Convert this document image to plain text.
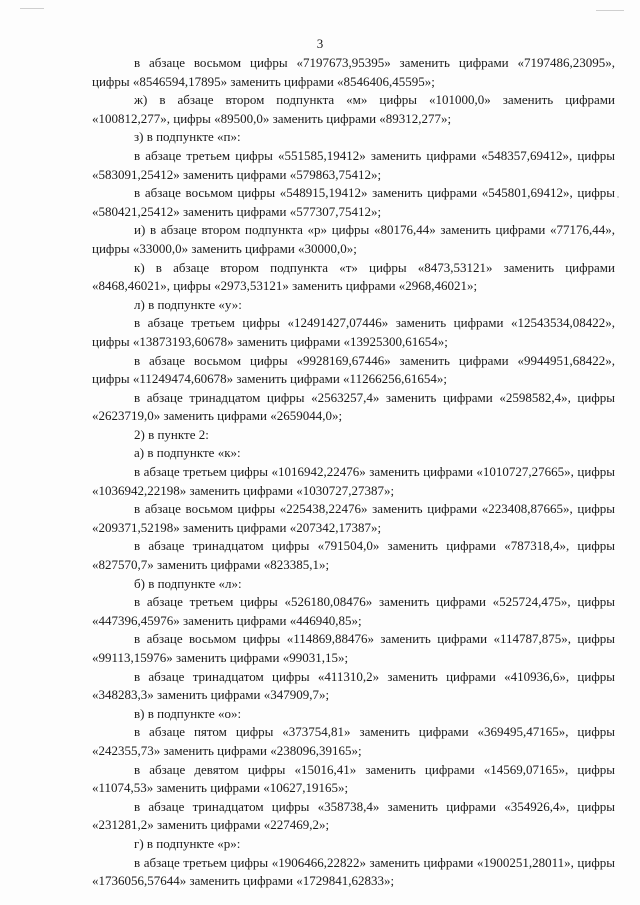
3

в абзаце восьмом цифры «7197673,95395» заменить цифрами «7197486,23095», цифры «8546594,17895» заменить цифрами «8546406,45595»;

ж) в абзаце втором подпункта «м» цифры «101000,0» заменить цифрами «100812,277», цифры «89500,0» заменить цифрами «89312,277»;

з) в подпункте «п»:

в абзаце третьем цифры «551585,19412» заменить цифрами «548357,69412», цифры «583091,25412» заменить цифрами «579863,75412»;

в абзаце восьмом цифры «548915,19412» заменить цифрами «545801,69412», цифры «580421,25412» заменить цифрами «577307,75412»;

и) в абзаце втором подпункта «р» цифры «80176,44» заменить цифрами «77176,44», цифры «33000,0» заменить цифрами «30000,0»;

к) в абзаце втором подпункта «т» цифры «8473,53121» заменить цифрами «8468,46021», цифры «2973,53121» заменить цифрами «2968,46021»;

л) в подпункте «у»:

в абзаце третьем цифры «12491427,07446» заменить цифрами «12543534,08422», цифры «13873193,60678» заменить цифрами «13925300,61654»;

в абзаце восьмом цифры «9928169,67446» заменить цифрами «9944951,68422», цифры «11249474,60678» заменить цифрами «11266256,61654»;

в абзаце тринадцатом цифры «2563257,4» заменить цифрами «2598582,4», цифры «2623719,0» заменить цифрами «2659044,0»;

2) в пункте 2:

а) в подпункте «к»:

в абзаце третьем цифры «1016942,22476» заменить цифрами «1010727,27665», цифры «1036942,22198» заменить цифрами «1030727,27387»;

в абзаце восьмом цифры «225438,22476» заменить цифрами «223408,87665», цифры «209371,52198» заменить цифрами «207342,17387»;

в абзаце тринадцатом цифры «791504,0» заменить цифрами «787318,4», цифры «827570,7» заменить цифрами «823385,1»;

б) в подпункте «л»:

в абзаце третьем цифры «526180,08476» заменить цифрами «525724,475», цифры «447396,45976» заменить цифрами «446940,85»;

в абзаце восьмом цифры «114869,88476» заменить цифрами «114787,875», цифры «99113,15976» заменить цифрами «99031,15»;

в абзаце тринадцатом цифры «411310,2» заменить цифрами «410936,6», цифры «348283,3» заменить цифрами «347909,7»;

в) в подпункте «о»:

в абзаце пятом цифры «373754,81» заменить цифрами «369495,47165», цифры «242355,73» заменить цифрами «238096,39165»;

в абзаце девятом цифры «15016,41» заменить цифрами «14569,07165», цифры «11074,53» заменить цифрами «10627,19165»;

в абзаце тринадцатом цифры «358738,4» заменить цифрами «354926,4», цифры «231281,2» заменить цифрами «227469,2»;

г) в подпункте «р»:

в абзаце третьем цифры «1906466,22822» заменить цифрами «1900251,28011», цифры «1736056,57644» заменить цифрами «1729841,62833»;
